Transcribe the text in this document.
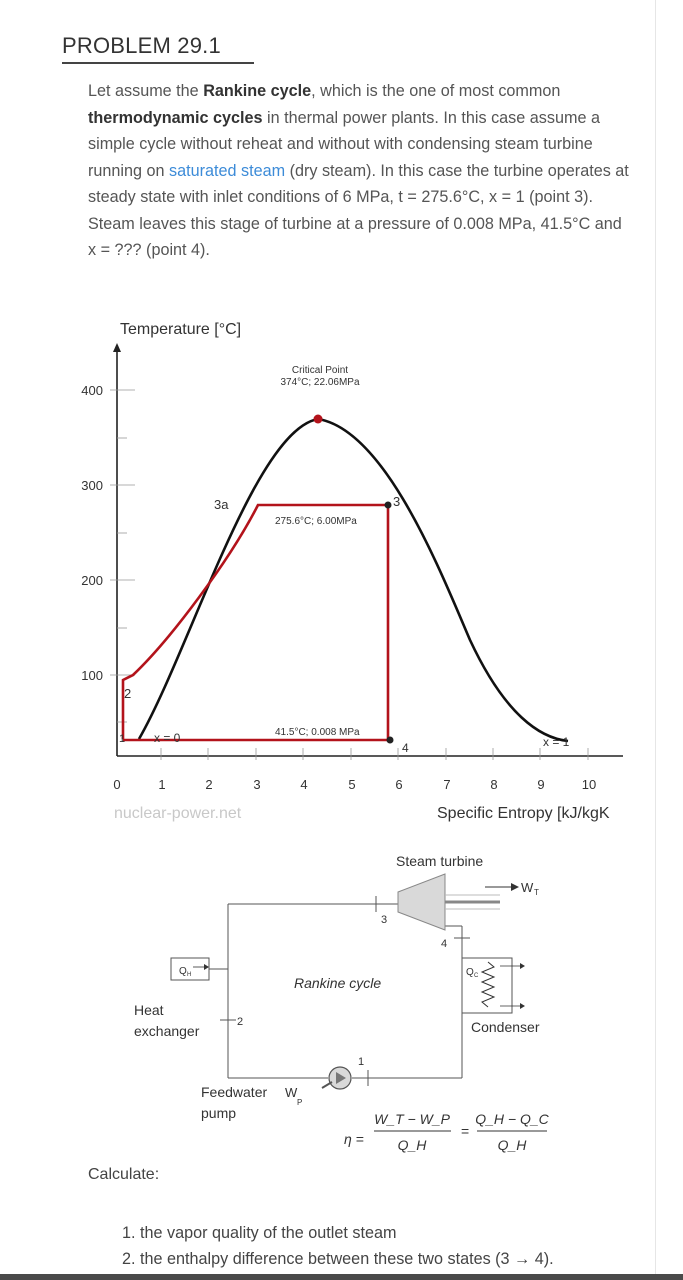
PROBLEM 29.1
Let assume the Rankine cycle, which is the one of most common thermodynamic cycles in thermal power plants. In this case assume a simple cycle without reheat and without with condensing steam turbine running on saturated steam (dry steam). In this case the turbine operates at steady state with inlet conditions of 6 MPa, t = 275.6°C, x = 1 (point 3). Steam leaves this stage of turbine at a pressure of 0.008 MPa, 41.5°C and x = ??? (point 4).
Temperature [°C]
400
300
200
100
0	1	2	3	4	5	6	7	8	9	10
nuclear-power.net	Specific Entropy [kJ/kgK
Critical Point
374°C; 22.06MPa
3a	3
2
1
4
275.6°C; 6.00MPa
41.5°C; 0.008 MPa
x = 0	x = 1
Steam turbine
W T
3
4
2
1
Q H
Heat
exchanger
Q C
Condenser
Rankine cycle
Feedwater
pump
W
P
η =
W_T − W_P
Q_H
=
Q_H − Q_C
Q_H
Calculate:
1. the vapor quality of the outlet steam
2. the enthalpy difference between these two states (3 → 4).
